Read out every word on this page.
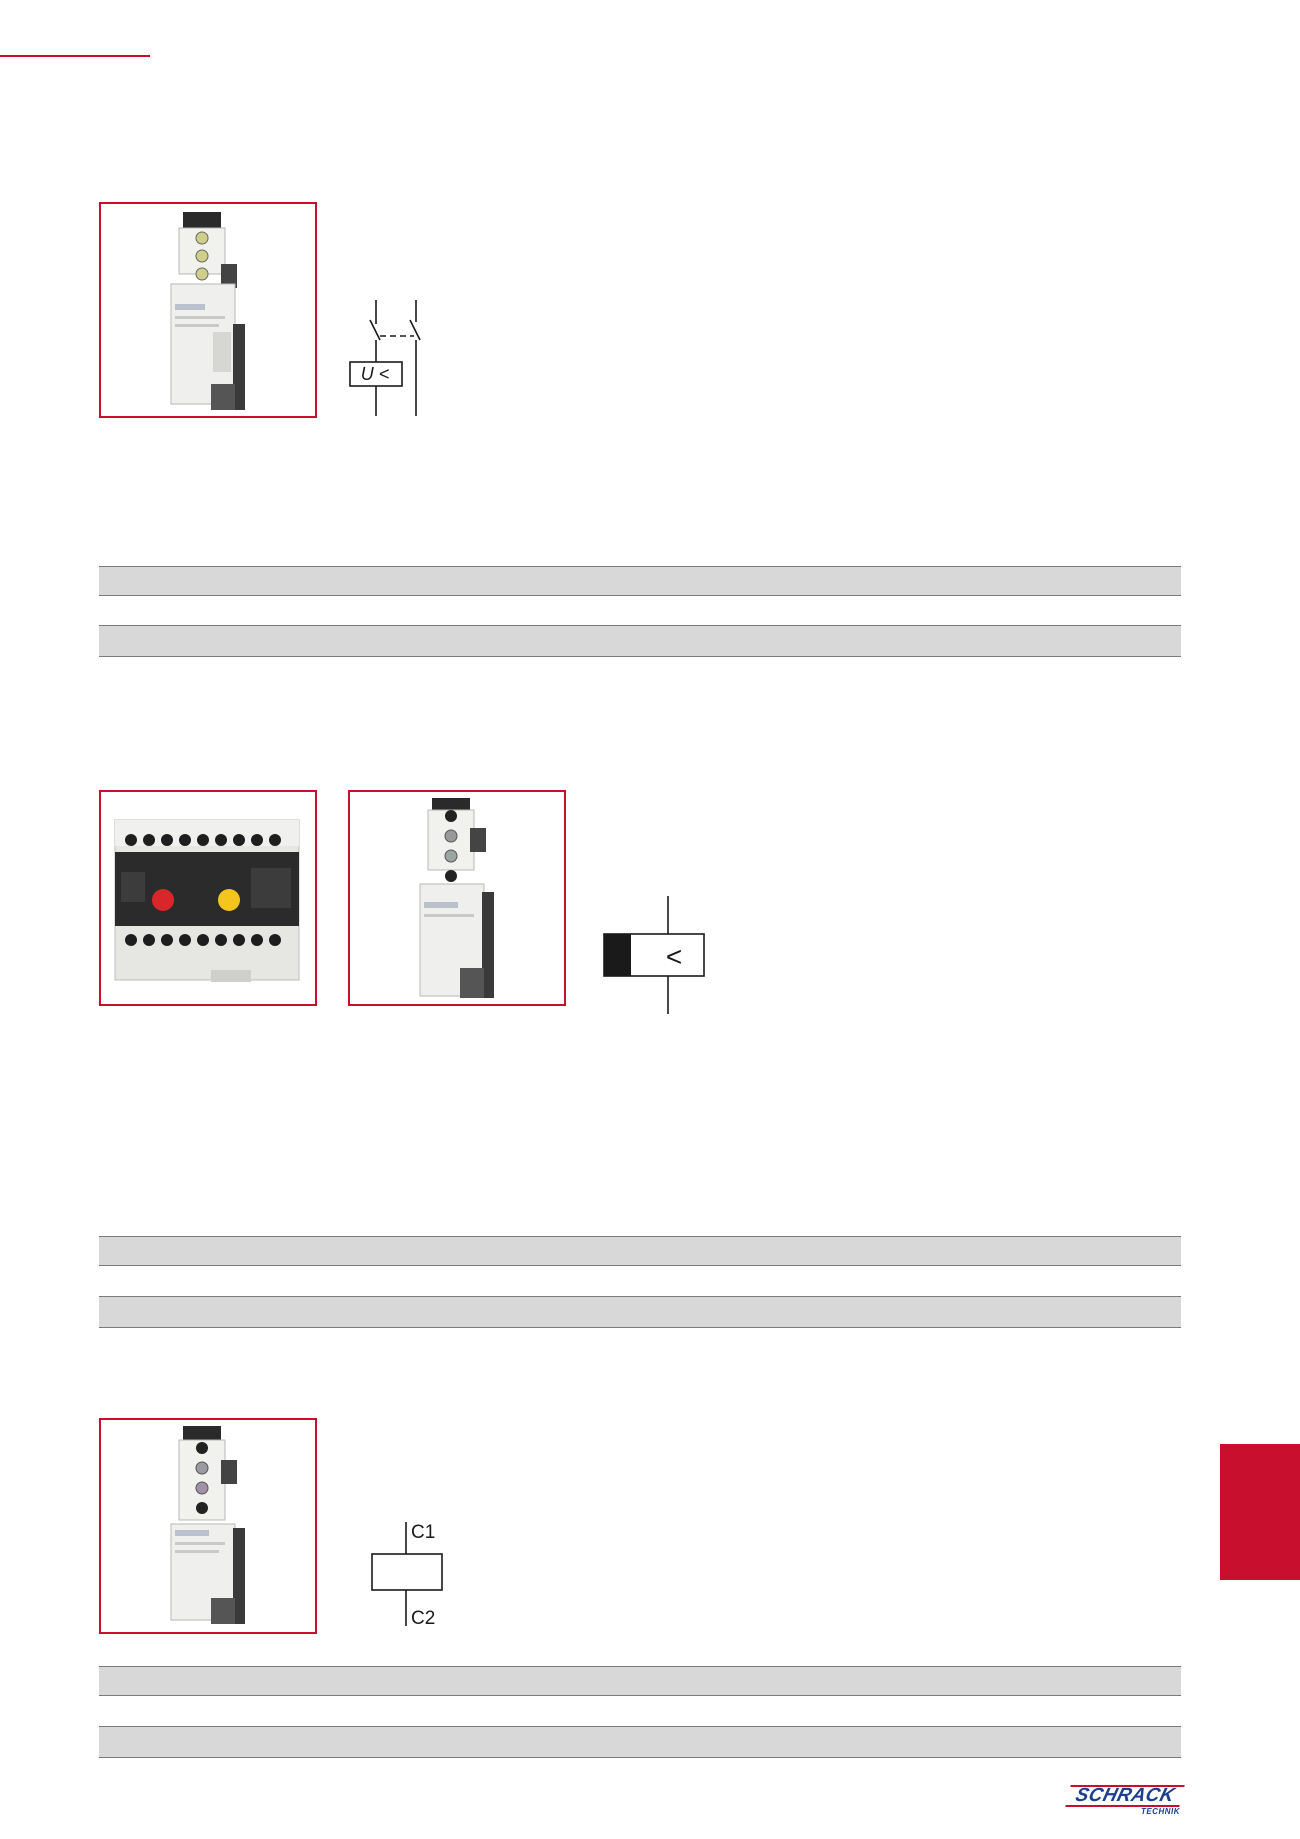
U <
<
C1
C2
SCHRACK
TECHNIK
